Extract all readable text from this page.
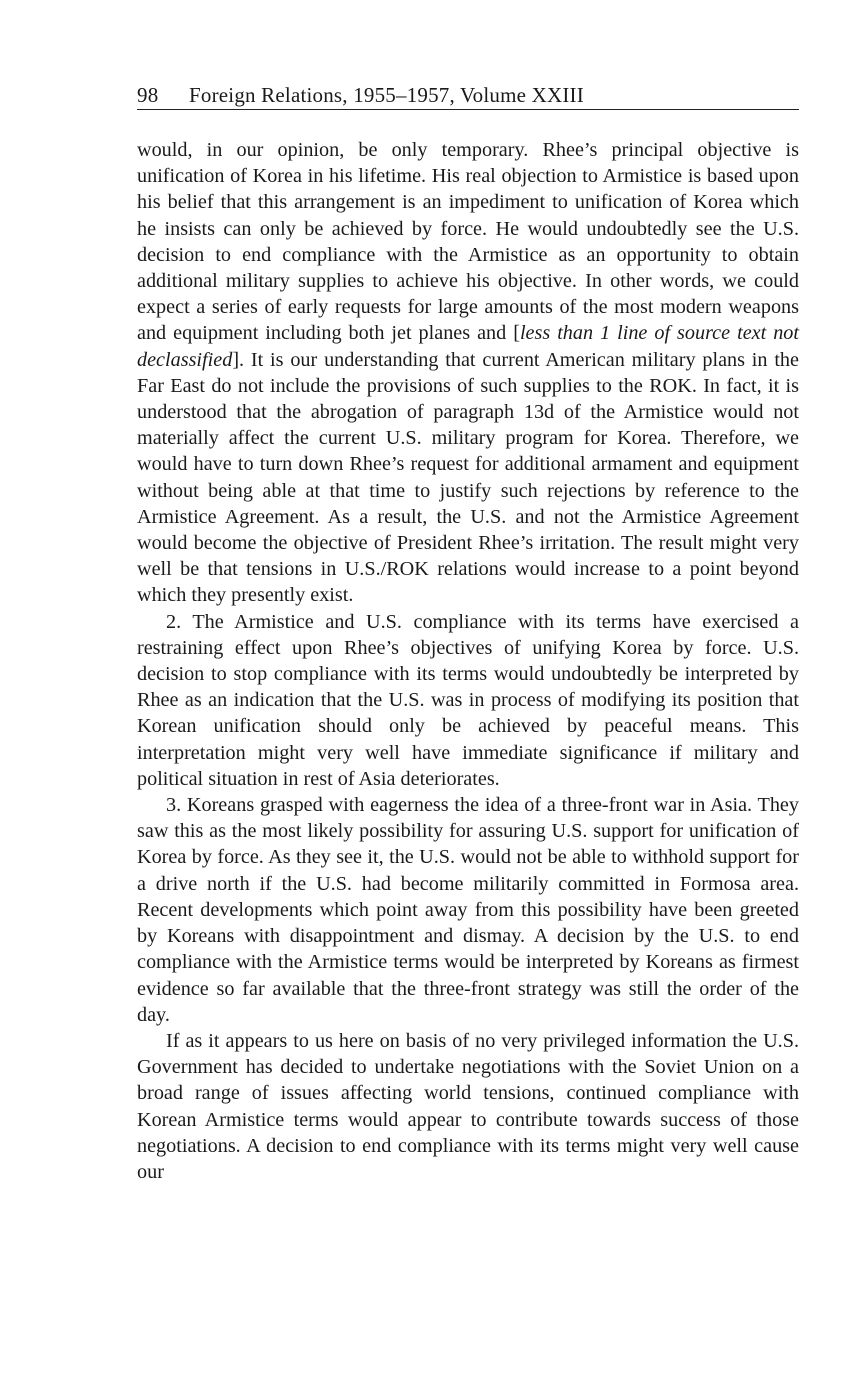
98 Foreign Relations, 1955–1957, Volume XXIII

would, in our opinion, be only temporary. Rhee’s principal objective is unification of Korea in his lifetime. His real objection to Armistice is based upon his belief that this arrangement is an impediment to unification of Korea which he insists can only be achieved by force. He would undoubtedly see the U.S. decision to end compliance with the Armistice as an opportunity to obtain additional military supplies to achieve his objective. In other words, we could expect a series of early requests for large amounts of the most modern weapons and equipment including both jet planes and [less than 1 line of source text not declassified]. It is our understanding that current American military plans in the Far East do not include the provisions of such supplies to the ROK. In fact, it is understood that the abrogation of paragraph 13d of the Armistice would not materially affect the current U.S. military program for Korea. Therefore, we would have to turn down Rhee’s request for additional armament and equipment without being able at that time to justify such rejections by reference to the Armistice Agreement. As a result, the U.S. and not the Armistice Agreement would become the objective of President Rhee’s irritation. The result might very well be that tensions in U.S./ROK relations would increase to a point beyond which they presently exist.

2. The Armistice and U.S. compliance with its terms have exercised a restraining effect upon Rhee’s objectives of unifying Korea by force. U.S. decision to stop compliance with its terms would undoubtedly be interpreted by Rhee as an indication that the U.S. was in process of modifying its position that Korean unification should only be achieved by peaceful means. This interpretation might very well have immediate significance if military and political situation in rest of Asia deteriorates.

3. Koreans grasped with eagerness the idea of a three-front war in Asia. They saw this as the most likely possibility for assuring U.S. support for unification of Korea by force. As they see it, the U.S. would not be able to withhold support for a drive north if the U.S. had become militarily committed in Formosa area. Recent developments which point away from this possibility have been greeted by Koreans with disappointment and dismay. A decision by the U.S. to end compliance with the Armistice terms would be interpreted by Koreans as firmest evidence so far available that the three-front strategy was still the order of the day.

If as it appears to us here on basis of no very privileged information the U.S. Government has decided to undertake negotiations with the Soviet Union on a broad range of issues affecting world tensions, continued compliance with Korean Armistice terms would appear to contribute towards success of those negotiations. A decision to end compliance with its terms might very well cause our
